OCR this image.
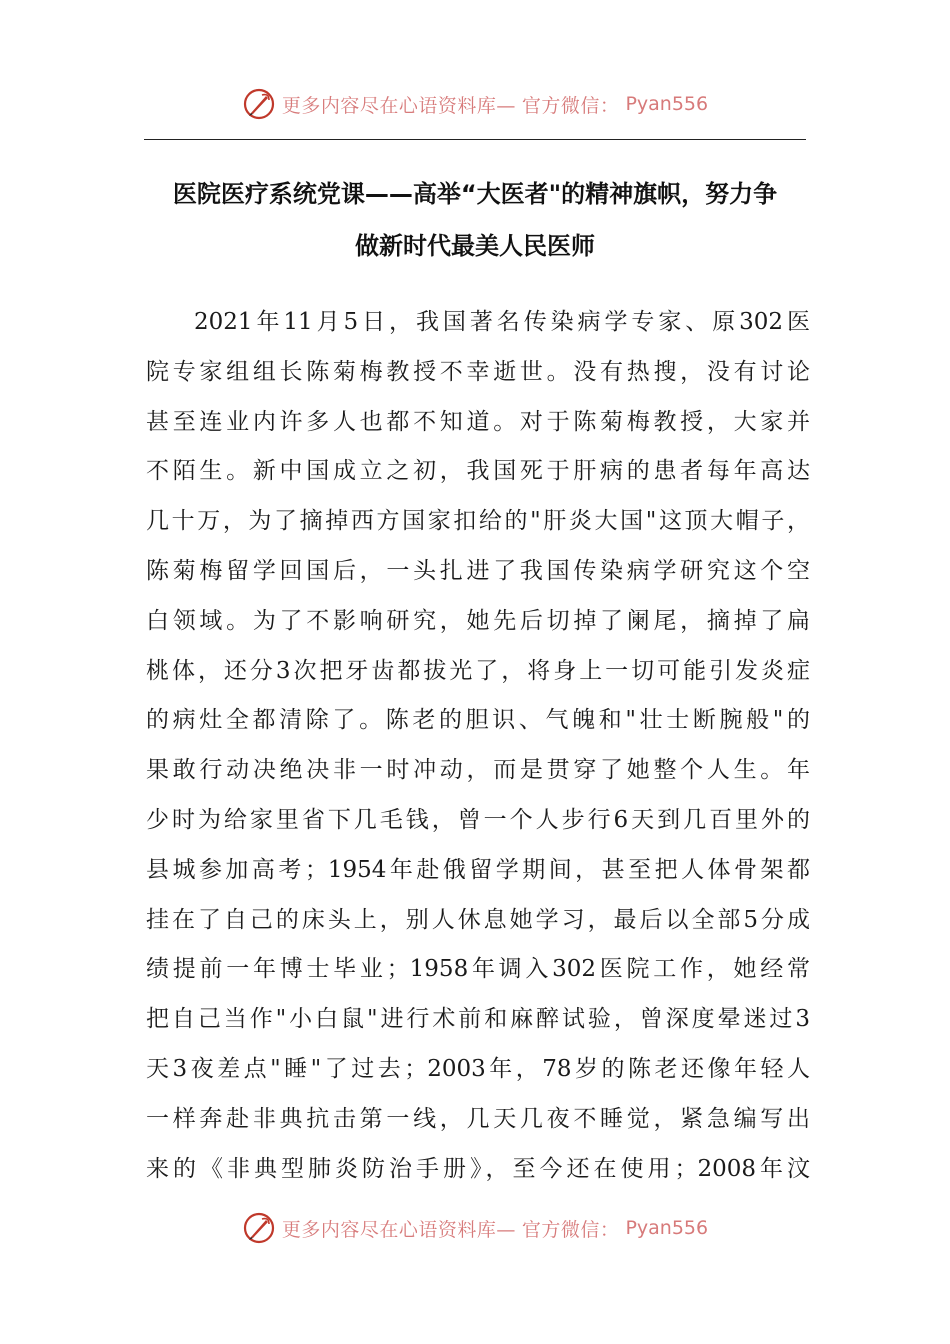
更多内容尽在心语资料库— 官方微信： Pyan556
医院医疗系统党课——高举“大医者"的精神旗帜，努力争
做新时代最美人民医师
2021年11月5日，我国著名传染病学专家、原302医
院专家组组长陈菊梅教授不幸逝世。没有热搜，没有讨论
甚至连业内许多人也都不知道。对于陈菊梅教授，大家并
不陌生。新中国成立之初，我国死于肝病的患者每年高达
几十万，为了摘掉西方国家扣给的"肝炎大国"这顶大帽子，
陈菊梅留学回国后，一头扎进了我国传染病学研究这个空
白领域。为了不影响研究，她先后切掉了阑尾，摘掉了扁
桃体，还分3次把牙齿都拔光了，将身上一切可能引发炎症
的病灶全都清除了。陈老的胆识、气魄和"壮士断腕般"的
果敢行动决绝决非一时冲动，而是贯穿了她整个人生。年
少时为给家里省下几毛钱，曾一个人步行6天到几百里外的
县城参加高考；1954年赴俄留学期间，甚至把人体骨架都
挂在了自己的床头上，别人休息她学习，最后以全部5分成
绩提前一年博士毕业；1958年调入302医院工作，她经常
把自己当作"小白鼠"进行术前和麻醉试验，曾深度晕迷过3
天3夜差点"睡"了过去；2003年，78岁的陈老还像年轻人
一样奔赴非典抗击第一线，几天几夜不睡觉，紧急编写出
来的《非典型肺炎防治手册》，至今还在使用；2008年汶
更多内容尽在心语资料库— 官方微信： Pyan556
